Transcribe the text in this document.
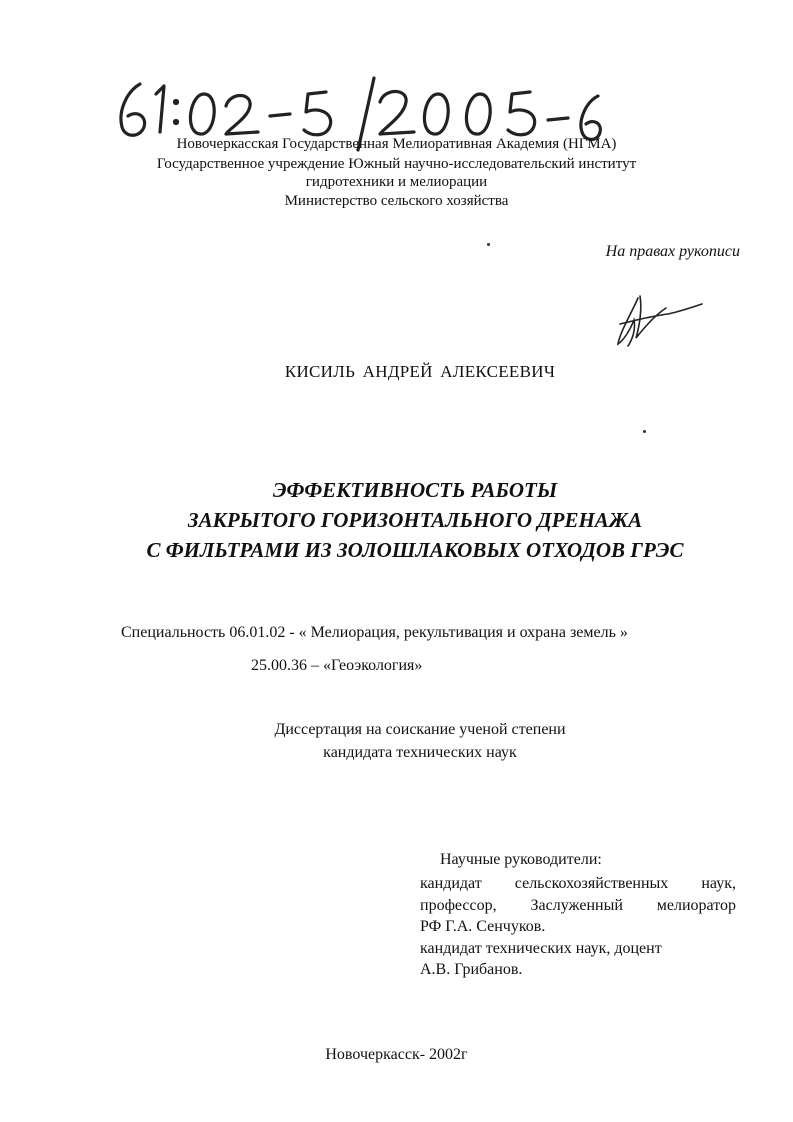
Новочеркасская Государственная Мелиоративная Академия (НГМА)
Государственное учреждение Южный научно-исследовательский институт
гидротехники и мелиорации
Министерство сельского хозяйства
На правах рукописи
КИСИЛЬ АНДРЕЙ АЛЕКСЕЕВИЧ
ЭФФЕКТИВНОСТЬ РАБОТЫ
ЗАКРЫТОГО ГОРИЗОНТАЛЬНОГО ДРЕНАЖА
С ФИЛЬТРАМИ ИЗ ЗОЛОШЛАКОВЫХ ОТХОДОВ ГРЭС
Специальность 06.01.02 - « Мелиорация, рекультивация и охрана земель »
25.00.36 – «Геоэкология»
Диссертация на соискание ученой степени
кандидата технических наук
Научные руководители:
кандидат сельскохозяйственных наук,
профессор, Заслуженный мелиоратор
РФ Г.А. Сенчуков.
кандидат технических наук, доцент
А.В. Грибанов.
Новочеркасск- 2002г
